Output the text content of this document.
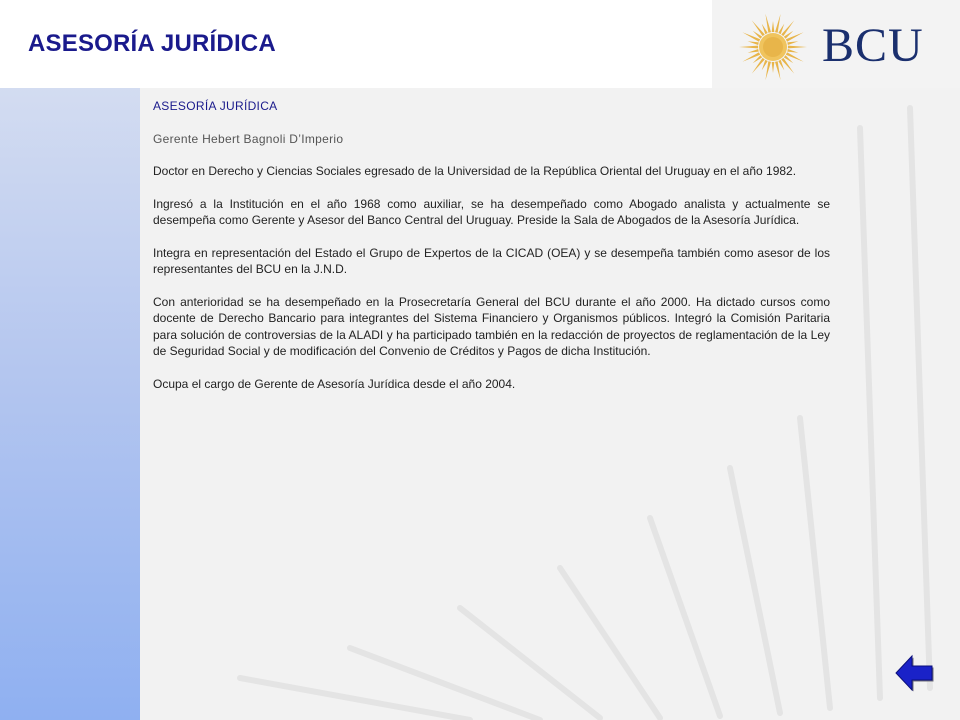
ASESORÍA JURÍDICA	BCU
ASESORÍA JURÍDICA
Gerente Hebert Bagnoli D’Imperio

Doctor en Derecho y Ciencias Sociales egresado de la Universidad de la República Oriental del Uruguay en el año 1982.

Ingresó a la Institución en el año 1968 como auxiliar, se ha desempeñado como Abogado analista y actualmente se desempeña como Gerente y Asesor del Banco Central del Uruguay. Preside la Sala de Abogados de la Asesoría Jurídica.

Integra en representación del Estado el Grupo de Expertos de la CICAD (OEA) y se desempeña también como asesor de los representantes del BCU en la J.N.D.

Con anterioridad se ha desempeñado en la Prosecretaría General del BCU durante el año 2000. Ha dictado cursos como docente de Derecho Bancario para integrantes del Sistema Financiero y Organismos públicos. Integró la Comisión Paritaria para solución de controversias de la ALADI y ha participado también en la redacción de proyectos de reglamentación de la Ley de Seguridad Social y de modificación del Convenio de Créditos y Pagos de dicha Institución.

Ocupa el cargo de Gerente de Asesoría Jurídica desde el año 2004.
